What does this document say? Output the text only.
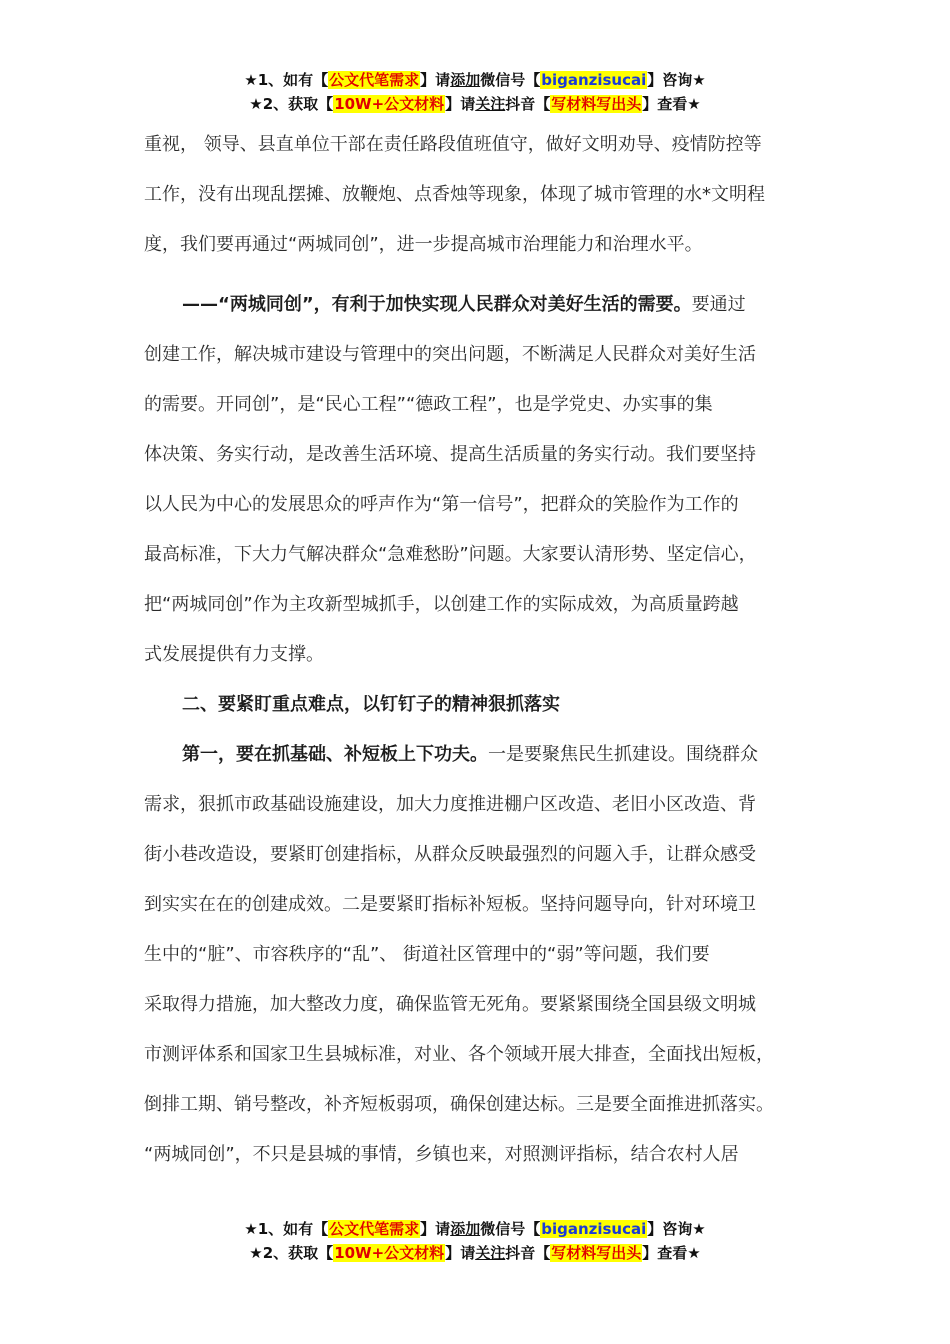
★1、如有【公文代笔需求】请添加微信号【biganzisucai】咨询★
★2、获取【10W+公文材料】请关注抖音【写材料写出头】查看★
重视， 领导、县直单位干部在责任路段值班值守，做好文明劝导、疫情防控等
工作，没有出现乱摆摊、放鞭炮、点香烛等现象，体现了城市管理的水*文明程
度，我们要再通过“两城同创”，进一步提高城市治理能力和治理水平。
——“两城同创”，有利于加快实现人民群众对美好生活的需要。要通过
创建工作，解决城市建设与管理中的突出问题，不断满足人民群众对美好生活
的需要。开同创”，是“民心工程”“德政工程”，也是学党史、办实事的集
体决策、务实行动，是改善生活环境、提高生活质量的务实行动。我们要坚持
以人民为中心的发展思众的呼声作为“第一信号”，把群众的笑脸作为工作的
最高标准，下大力气解决群众“急难愁盼”问题。大家要认清形势、坚定信心，
把“两城同创”作为主攻新型城抓手，以创建工作的实际成效，为高质量跨越
式发展提供有力支撑。
二、要紧盯重点难点，以钉钉子的精神狠抓落实
第一，要在抓基础、补短板上下功夫。一是要聚焦民生抓建设。围绕群众
需求，狠抓市政基础设施建设，加大力度推进棚户区改造、老旧小区改造、背
街小巷改造设，要紧盯创建指标，从群众反映最强烈的问题入手，让群众感受
到实实在在的创建成效。二是要紧盯指标补短板。坚持问题导向，针对环境卫
生中的“脏”、市容秩序的“乱”、 街道社区管理中的“弱”等问题，我们要
采取得力措施，加大整改力度，确保监管无死角。要紧紧围绕全国县级文明城
市测评体系和国家卫生县城标准，对业、各个领域开展大排查，全面找出短板，
倒排工期、销号整改，补齐短板弱项，确保创建达标。三是要全面推进抓落实。
“两城同创”，不只是县城的事情，乡镇也来，对照测评指标，结合农村人居
★1、如有【公文代笔需求】请添加微信号【biganzisucai】咨询★
★2、获取【10W+公文材料】请关注抖音【写材料写出头】查看★
